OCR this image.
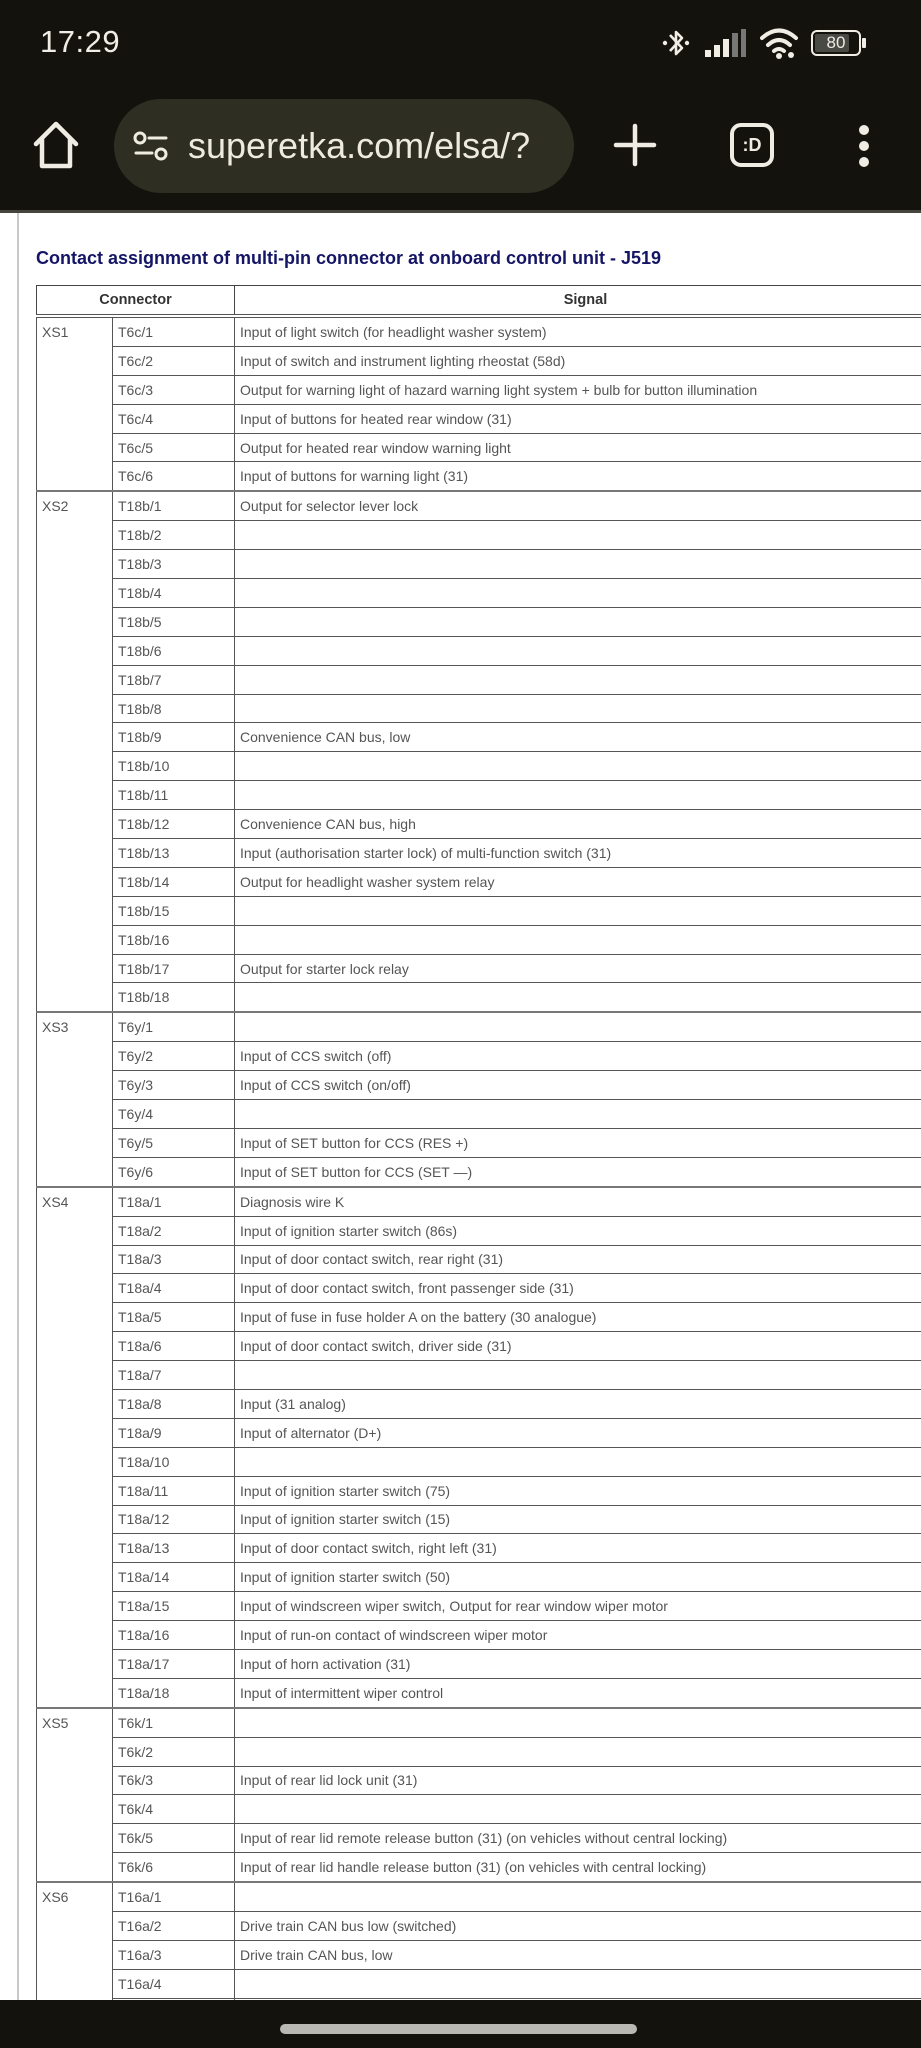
17:29	80
superetka.com/elsa/?	:D
Contact assignment of multi-pin connector at onboard control unit - J519
Connector		Signal
XS1	T6c/1	Input of light switch (for headlight washer system)
	T6c/2	Input of switch and instrument lighting rheostat (58d)
	T6c/3	Output for warning light of hazard warning light system + bulb for button illumination
	T6c/4	Input of buttons for heated rear window (31)
	T6c/5	Output for heated rear window warning light
	T6c/6	Input of buttons for warning light (31)
XS2	T18b/1	Output for selector lever lock
	T18b/2	
	T18b/3	
	T18b/4	
	T18b/5	
	T18b/6	
	T18b/7	
	T18b/8	
	T18b/9	Convenience CAN bus, low
	T18b/10	
	T18b/11	
	T18b/12	Convenience CAN bus, high
	T18b/13	Input (authorisation starter lock) of multi-function switch (31)
	T18b/14	Output for headlight washer system relay
	T18b/15	
	T18b/16	
	T18b/17	Output for starter lock relay
	T18b/18	
XS3	T6y/1	
	T6y/2	Input of CCS switch (off)
	T6y/3	Input of CCS switch (on/off)
	T6y/4	
	T6y/5	Input of SET button for CCS (RES +)
	T6y/6	Input of SET button for CCS (SET —)
XS4	T18a/1	Diagnosis wire K
	T18a/2	Input of ignition starter switch (86s)
	T18a/3	Input of door contact switch, rear right (31)
	T18a/4	Input of door contact switch, front passenger side (31)
	T18a/5	Input of fuse in fuse holder A on the battery (30 analogue)
	T18a/6	Input of door contact switch, driver side (31)
	T18a/7	
	T18a/8	Input (31 analog)
	T18a/9	Input of alternator (D+)
	T18a/10	
	T18a/11	Input of ignition starter switch (75)
	T18a/12	Input of ignition starter switch (15)
	T18a/13	Input of door contact switch, right left (31)
	T18a/14	Input of ignition starter switch (50)
	T18a/15	Input of windscreen wiper switch, Output for rear window wiper motor
	T18a/16	Input of run-on contact of windscreen wiper motor
	T18a/17	Input of horn activation (31)
	T18a/18	Input of intermittent wiper control
XS5	T6k/1	
	T6k/2	
	T6k/3	Input of rear lid lock unit (31)
	T6k/4	
	T6k/5	Input of rear lid remote release button (31) (on vehicles without central locking)
	T6k/6	Input of rear lid handle release button (31) (on vehicles with central locking)
XS6	T16a/1	
	T16a/2	Drive train CAN bus low (switched)
	T16a/3	Drive train CAN bus, low
	T16a/4	
